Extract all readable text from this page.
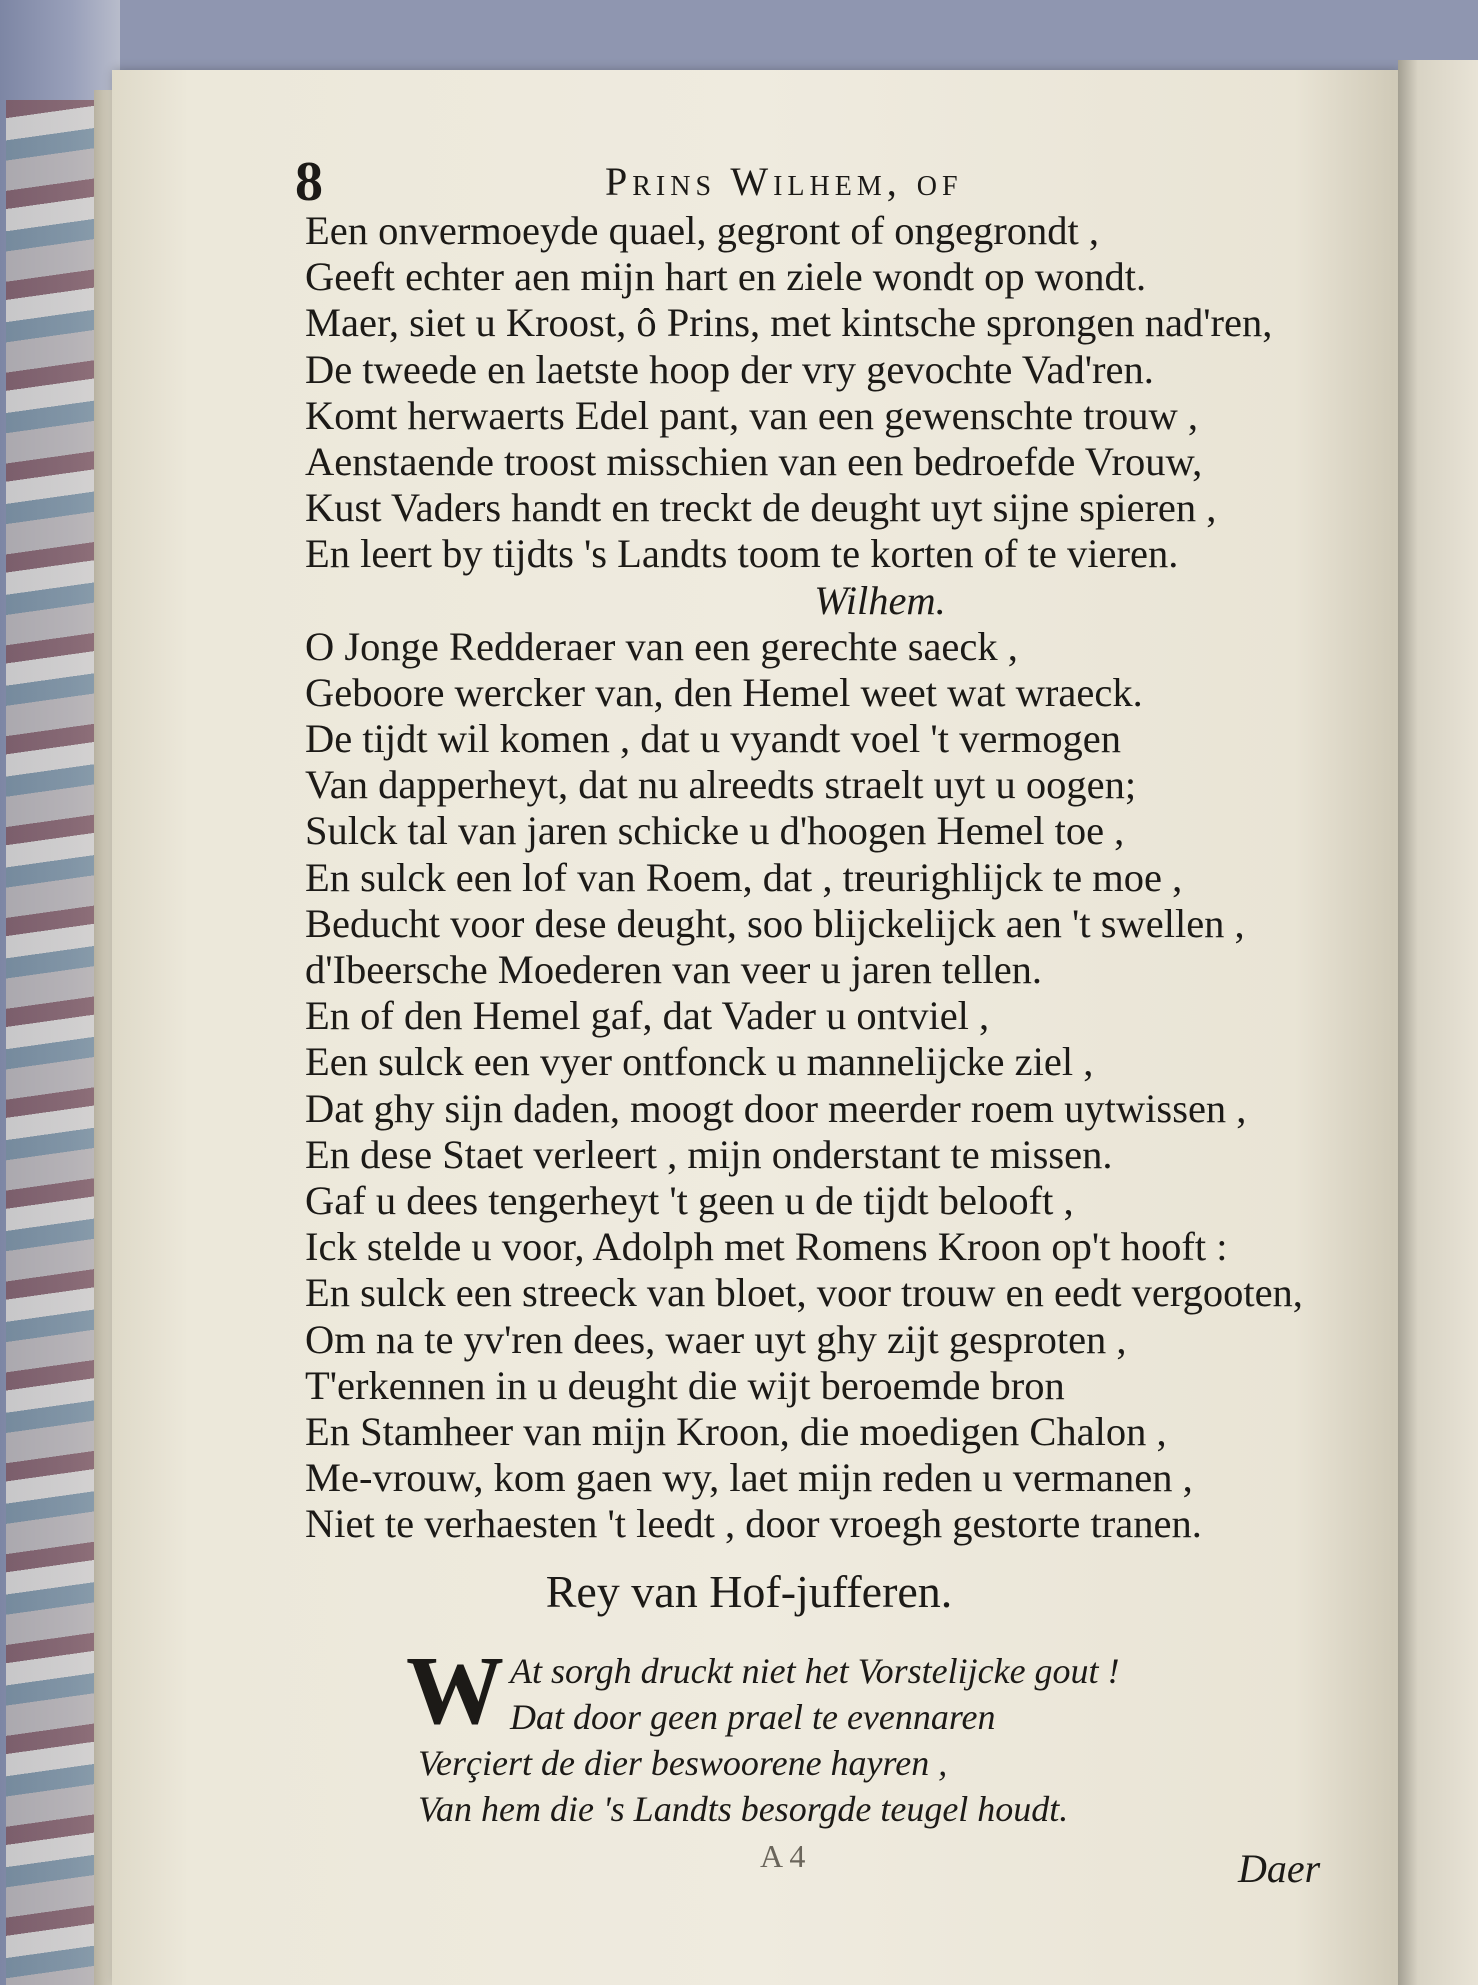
8	Prins Wilhem, of
Een onvermoeyde quael, gegront of ongegrondt ,
Geeft echter aen mijn hart en ziele wondt op wondt.
Maer, siet u Kroost, ô Prins, met kintsche sprongen nad'ren,
De tweede en laetste hoop der vry gevochte Vad'ren.
Komt herwaerts Edel pant, van een gewenschte trouw ,
Aenstaende troost misschien van een bedroefde Vrouw,
Kust Vaders handt en treckt de deught uyt sijne spieren ,
En leert by tijdts 's Landts toom te korten of te vieren.
Wilhem.
O Jonge Redderaer van een gerechte saeck ,
Geboore wercker van, den Hemel weet wat wraeck.
De tijdt wil komen , dat u vyandt voel 't vermogen
Van dapperheyt, dat nu alreedts straelt uyt u oogen;
Sulck tal van jaren schicke u d'hoogen Hemel toe ,
En sulck een lof van Roem, dat , treurighlijck te moe ,
Beducht voor dese deught, soo blijckelijck aen 't swellen ,
d'Ibeersche Moederen van veer u jaren tellen.
En of den Hemel gaf, dat Vader u ontviel ,
Een sulck een vyer ontfonck u mannelijcke ziel ,
Dat ghy sijn daden, moogt door meerder roem uytwissen ,
En dese Staet verleert , mijn onderstant te missen.
Gaf u dees tengerheyt 't geen u de tijdt belooft ,
Ick stelde u voor, Adolph met Romens Kroon op't hooft :
En sulck een streeck van bloet, voor trouw en eedt vergooten,
Om na te yv'ren dees, waer uyt ghy zijt gesproten ,
T'erkennen in u deught die wijt beroemde bron
En Stamheer van mijn Kroon, die moedigen Chalon ,
Me-vrouw, kom gaen wy, laet mijn reden u vermanen ,
Niet te verhaesten 't leedt , door vroegh gestorte tranen.
Rey van Hof-jufferen.
W At sorgh druckt niet het Vorstelijcke gout !
Dat door geen prael te evennaren
Verçiert de dier beswoorene hayren ,
Van hem die 's Landts besorgde teugel houdt.
A 4	Daer
